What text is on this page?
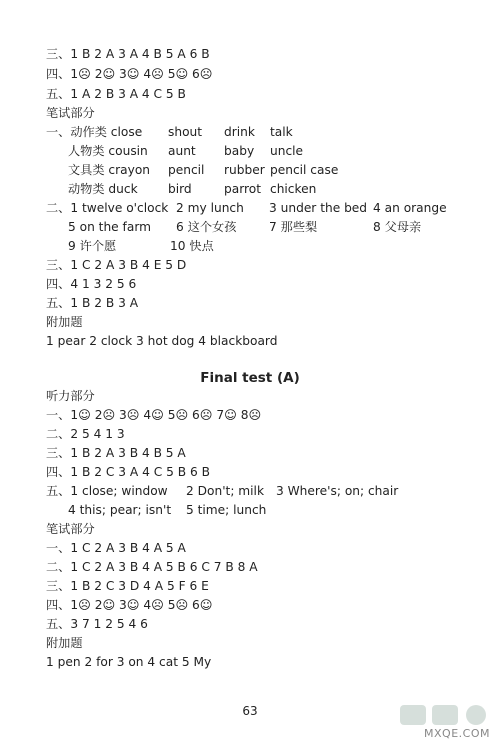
三、1 B 2 A 3 A 4 B 5 A 6 B
四、1☹ 2☺ 3☺ 4☹ 5☺ 6☹
五、1 A 2 B 3 A 4 C 5 B
笔试部分
一、动作类 close shout drink talk
人物类 cousin aunt baby uncle
文具类 crayon pencil rubber pencil case
动物类 duck bird	parrot chicken
二、1 twelve o'clock 2 my lunch 3 under the bed 4 an orange
5 on the farm 6 这个女孩	7 那些梨	8 父母亲
9 许个愿	10 快点
三、1 C 2 A 3 B 4 E 5 D
四、4 1 3 2 5 6
五、1 B 2 B 3 A
附加题
1 pear 2 clock 3 hot dog 4 blackboard
Final test (A)
听力部分
一、1☺ 2☹ 3☹ 4☺ 5☹ 6☹ 7☺ 8☹
二、2 5 4 1 3
三、1 B 2 A 3 B 4 B 5 A
四、1 B 2 C 3 A 4 C 5 B 6 B
五、1 close; window 2 Don't; milk 3 Where's; on; chair
4 this; pear; isn't 5 time; lunch
笔试部分
一、1 C 2 A 3 B 4 A 5 A
二、1 C 2 A 3 B 4 A 5 B 6 C 7 B 8 A
三、1 B 2 C 3 D 4 A 5 F 6 E
四、1☹ 2☺ 3☺ 4☹ 5☹ 6☺
五、3 7 1 2 5 4 6
附加题
1 pen 2 for 3 on 4 cat 5 My
63
MXQE.COM
